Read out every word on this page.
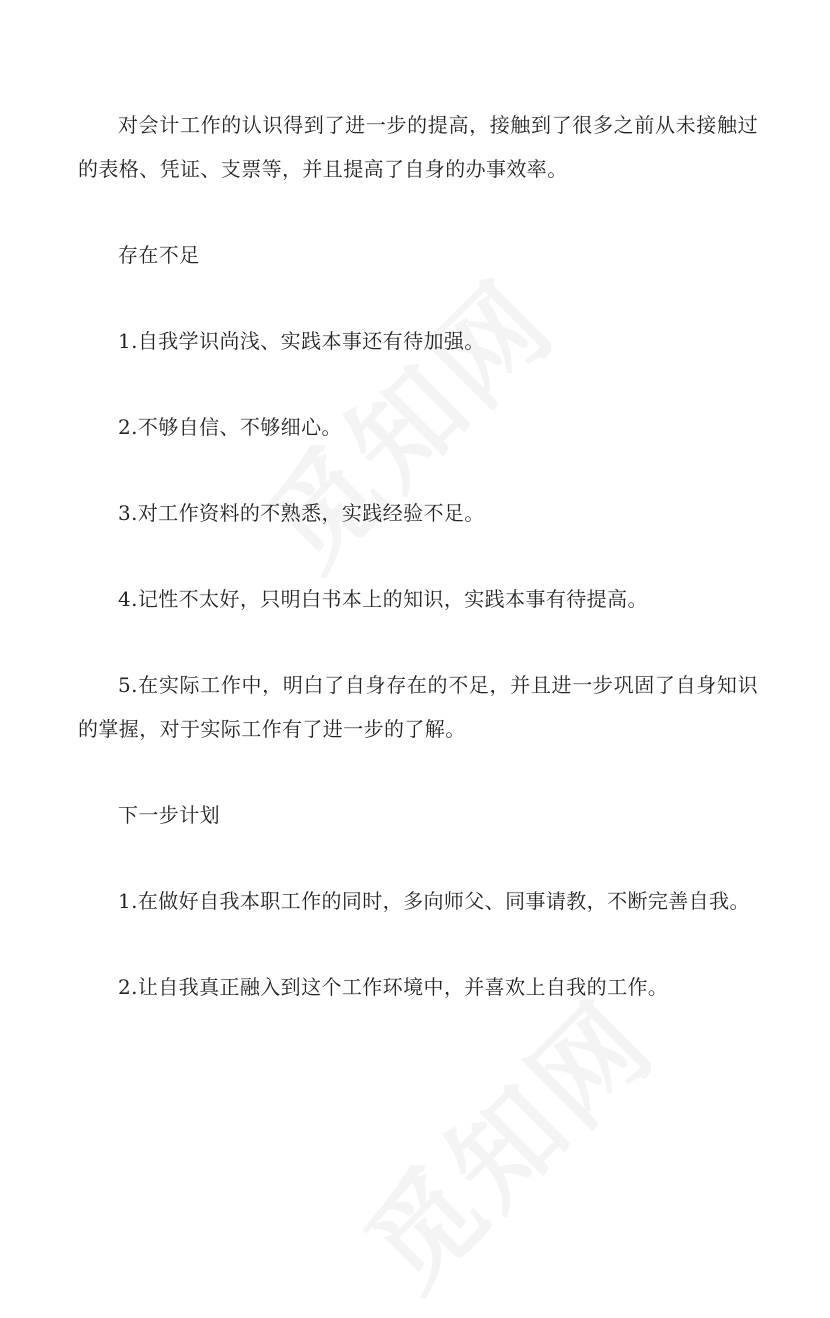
对会计工作的认识得到了进一步的提高，接触到了很多之前从未接触过的表格、凭证、支票等，并且提高了自身的办事效率。

存在不足

1.自我学识尚浅、实践本事还有待加强。

2.不够自信、不够细心。

3.对工作资料的不熟悉，实践经验不足。

4.记性不太好，只明白书本上的知识，实践本事有待提高。

5.在实际工作中，明白了自身存在的不足，并且进一步巩固了自身知识的掌握，对于实际工作有了进一步的了解。

下一步计划

1.在做好自我本职工作的同时，多向师父、同事请教，不断完善自我。

2.让自我真正融入到这个工作环境中，并喜欢上自我的工作。
